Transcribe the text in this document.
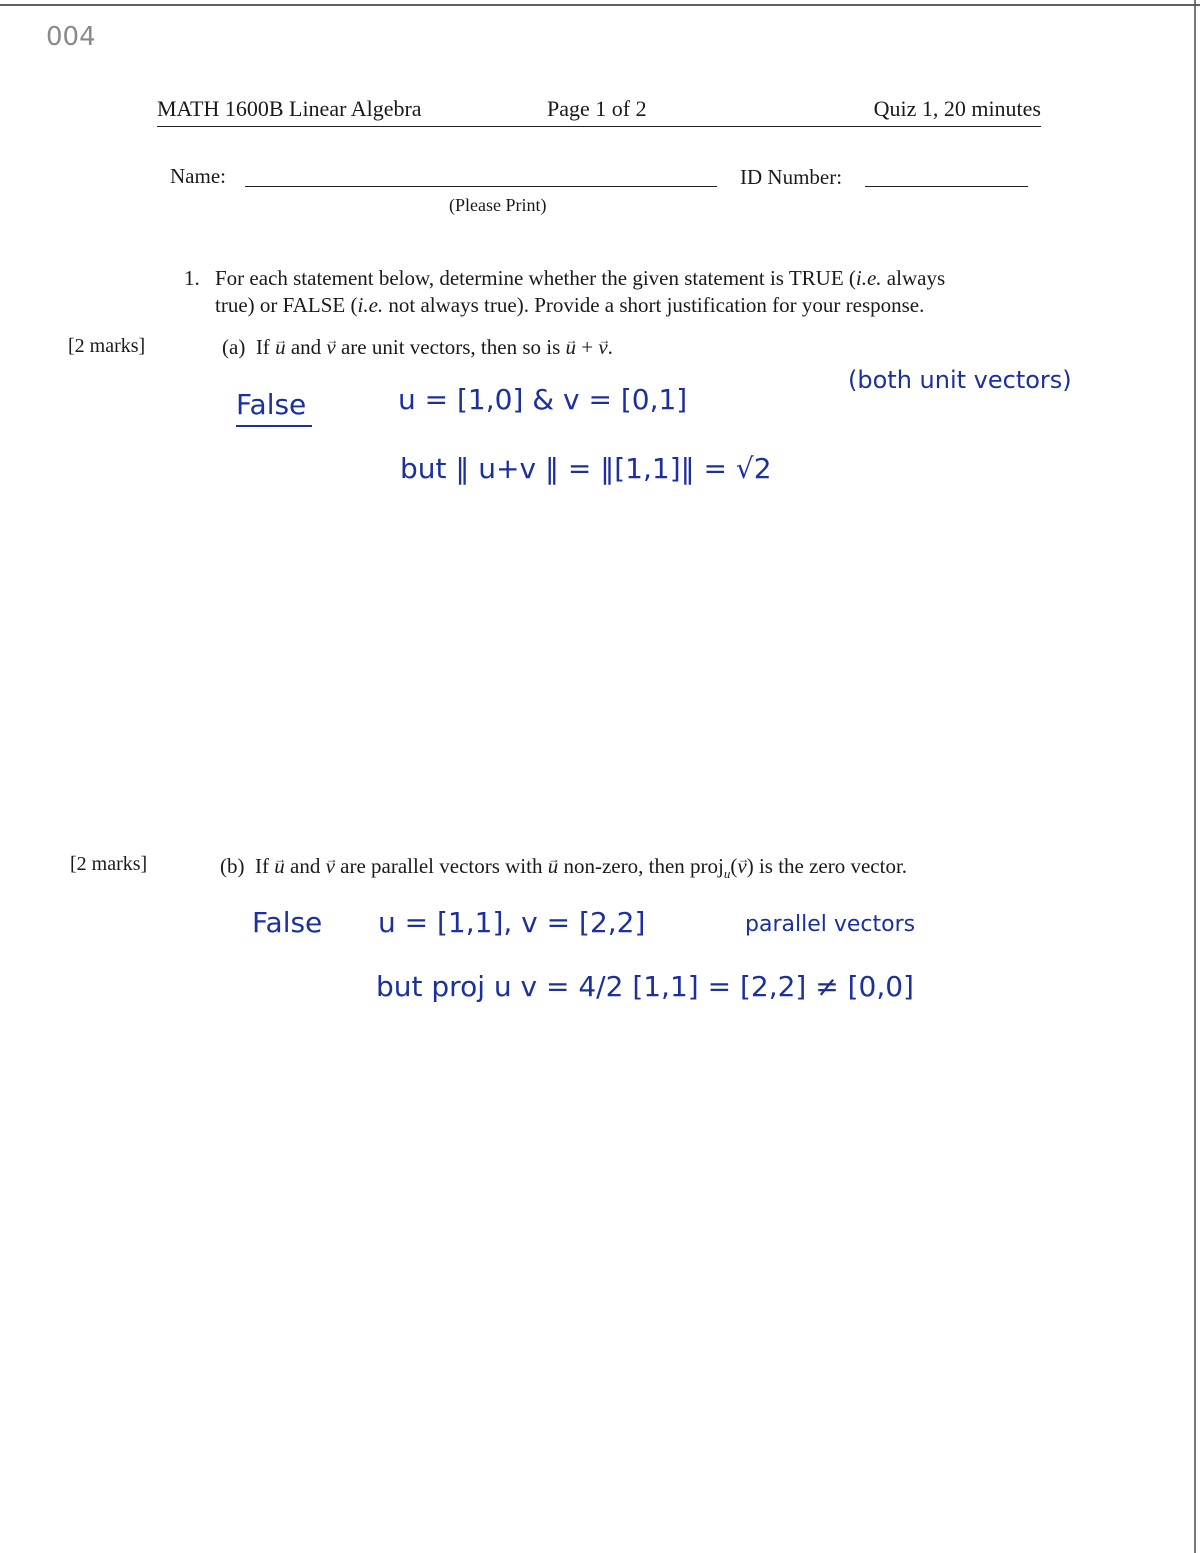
004
MATH 1600B Linear Algebra	Page 1 of 2	Quiz 1, 20 minutes
Name:	ID Number:
(Please Print)
1. For each statement below, determine whether the given statement is TRUE (i.e. always
true) or FALSE (i.e. not always true). Provide a short justification for your response.
[2 marks]	(a) If → u and → v are unit vectors, then so is → u + → v.
False	u = [1,0] & v = [0,1]
(both unit vectors)
but ‖ u+v ‖ = ‖[1,1]‖ = √2
[2 marks]	(b) If → u and → v are parallel vectors with → u non-zero, then proj$_u$(→ v) is the zero vector.
False u = [1,1], v = [2,2]	parallel vectors
but proj u v = 4/2 [1,1] = [2,2] ≠ [0,0]
